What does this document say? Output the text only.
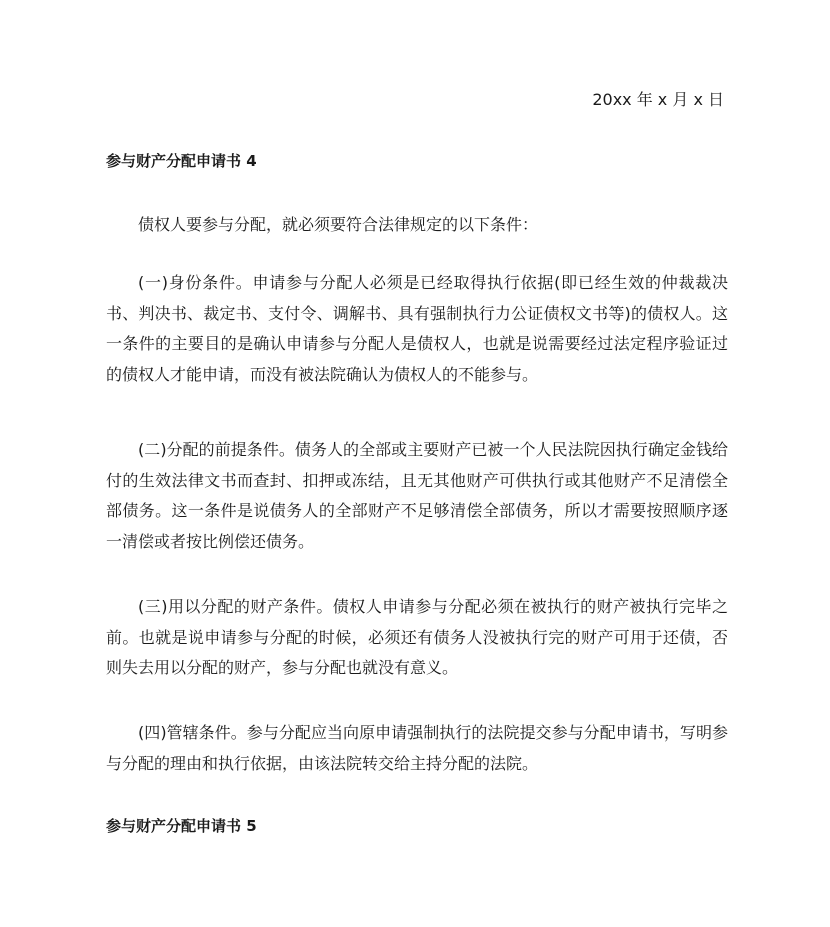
20xx 年 x 月 x 日
参与财产分配申请书 4

债权人要参与分配，就必须要符合法律规定的以下条件：

(一)身份条件。申请参与分配人必须是已经取得执行依据(即已经生效的仲裁裁决书、判决书、裁定书、支付令、调解书、具有强制执行力公证债权文书等)的债权人。这一条件的主要目的是确认申请参与分配人是债权人，也就是说需要经过法定程序验证过的债权人才能申请，而没有被法院确认为债权人的不能参与。

(二)分配的前提条件。债务人的全部或主要财产已被一个人民法院因执行确定金钱给付的生效法律文书而查封、扣押或冻结，且无其他财产可供执行或其他财产不足清偿全部债务。这一条件是说债务人的全部财产不足够清偿全部债务，所以才需要按照顺序逐一清偿或者按比例偿还债务。

(三)用以分配的财产条件。债权人申请参与分配必须在被执行的财产被执行完毕之前。也就是说申请参与分配的时候，必须还有债务人没被执行完的财产可用于还债，否则失去用以分配的财产，参与分配也就没有意义。

(四)管辖条件。参与分配应当向原申请强制执行的法院提交参与分配申请书，写明参与分配的理由和执行依据，由该法院转交给主持分配的法院。

参与财产分配申请书 5
